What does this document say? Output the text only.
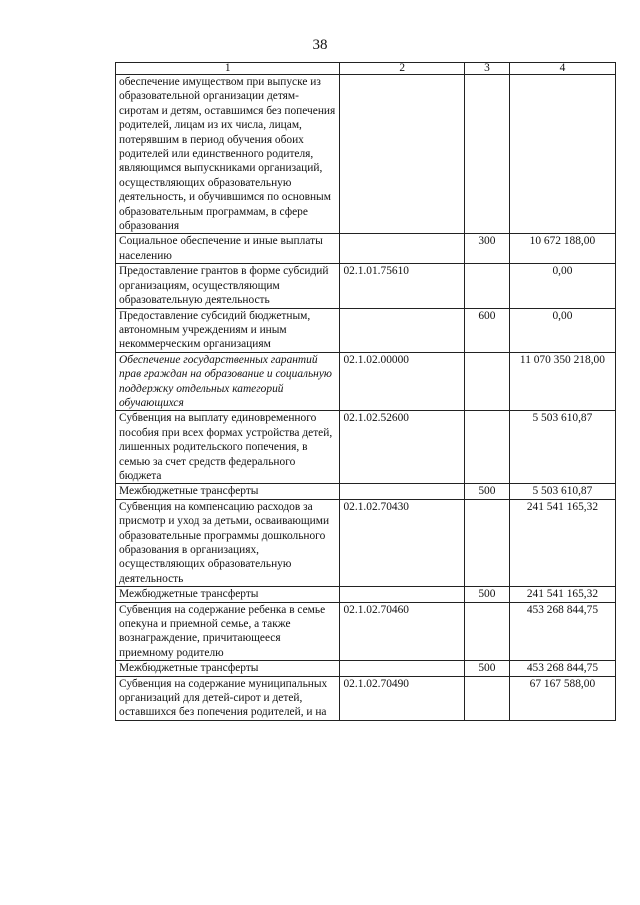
38
1	2	3	4
обеспечение имуществом при выпуске из образовательной организации детям-сиротам и детям, оставшимся без попечения родителей, лицам из их числа, лицам, потерявшим в период обучения обоих родителей или единственного родителя, являющимся выпускниками организаций, осуществляющих образовательную деятельность, и обучившимся по основным образовательным программам, в сфере образования			
Социальное обеспечение и иные выплаты населению		300	10 672 188,00
Предоставление грантов в форме субсидий организациям, осуществляющим образовательную деятельность	02.1.01.75610		0,00
Предоставление субсидий бюджетным, автономным учреждениям и иным некоммерческим организациям		600	0,00
Обеспечение государственных гарантий прав граждан на образование и социальную поддержку отдельных категорий обучающихся	02.1.02.00000		11 070 350 218,00
Субвенция на выплату единовременного пособия при всех формах устройства детей, лишенных родительского попечения, в семью за счет средств федерального бюджета	02.1.02.52600		5 503 610,87
Межбюджетные трансферты		500	5 503 610,87
Субвенция на компенсацию расходов за присмотр и уход за детьми, осваивающими образовательные программы дошкольного образования в организациях, осуществляющих образовательную деятельность	02.1.02.70430		241 541 165,32
Межбюджетные трансферты		500	241 541 165,32
Субвенция на содержание ребенка в семье опекуна и приемной семье, а также вознаграждение, причитающееся приемному родителю	02.1.02.70460		453 268 844,75
Межбюджетные трансферты		500	453 268 844,75
Субвенция на содержание муниципальных организаций для детей-сирот и детей, оставшихся без попечения родителей, и на	02.1.02.70490		67 167 588,00
